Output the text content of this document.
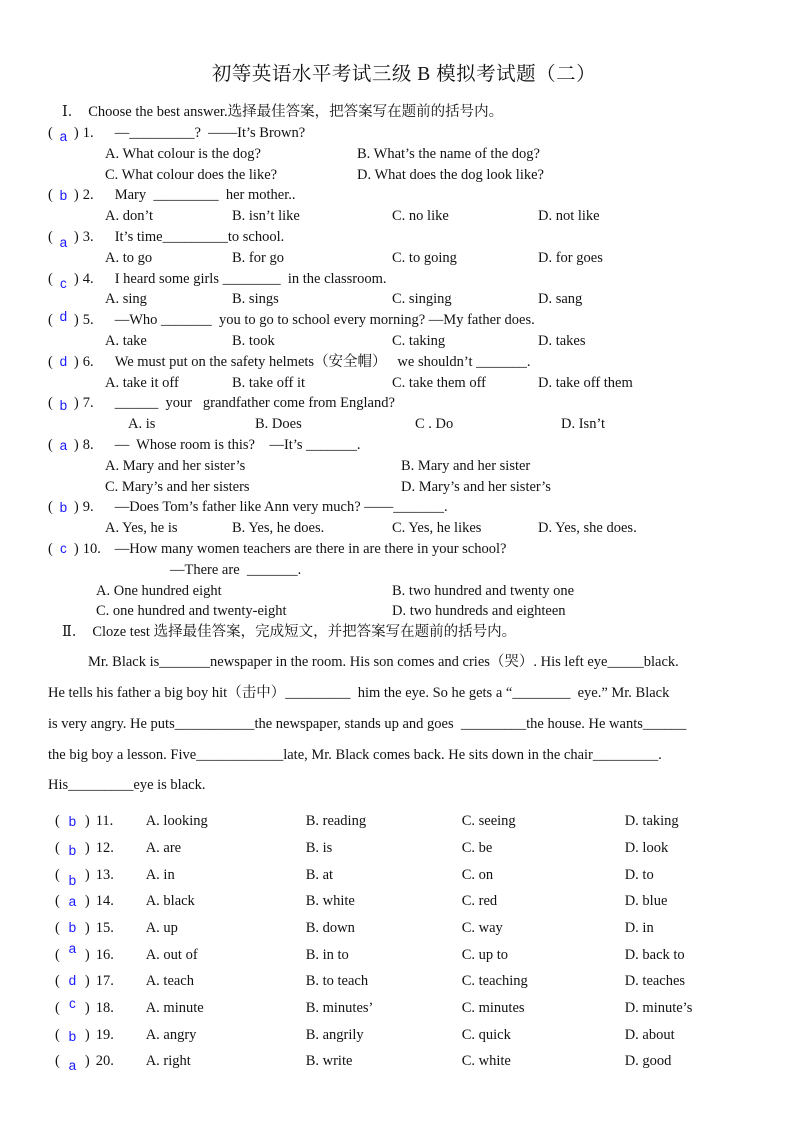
初等英语水平考试三级 B 模拟考试题（二）
Ⅰ． Choose the best answer.选择最佳答案，把答案写在题前的括号内。
( a ) 1. —_________?  ——It’s Brown?
A. What colour is the dog?	B. What’s the name of the dog?
C. What colour does the like?	D. What does the dog look like?
( b ) 2. Mary  _________  her mother..
A. don’t	B. isn’t like	C. no like	D. not like
( a ) 3. It’s time_________to school.
A. to go	B. for go	C. to going	D. for goes
( c ) 4. I heard some girls ________  in the classroom.
A. sing	B. sings	C. singing	D. sang
( d ) 5. —Who _______  you to go to school every morning? —My father does.
A. take	B. took	C. taking	D. takes
( d ) 6. We must put on the safety helmets（安全帽）   we shouldn’t _______.
A. take it off	B. take off it	C. take them off	D. take off them
( b ) 7. ______  your   grandfather come from England?
A. is	B. Does	C . Do	D. Isn’t
( a ) 8. —  Whose room is this?    —It’s _______.
A. Mary and her sister’s	B. Mary and her sister
C. Mary’s and her sisters	D. Mary’s and her sister’s
( b ) 9. —Does Tom’s father like Ann very much? ——_______.
A. Yes, he is	B. Yes, he does.	C. Yes, he likes	D. Yes, she does.
( c ) 10. —How many women teachers are there in are there in your school?
—There are  _______.
A. One hundred eight	B. two hundred and twenty one
C. one hundred and twenty-eight	D. two hundreds and eighteen
Ⅱ． Cloze test 选择最佳答案，完成短文，并把答案写在题前的括号内。
Mr. Black is_______newspaper in the room. His son comes and cries（哭）. His left eye_____black.
He tells his father a big boy hit（击中）_________  him the eye. So he gets a “________  eye.” Mr. Black
is very angry. He puts___________the newspaper, stands up and goes  _________the house. He wants______
the big boy a lesson. Five____________late, Mr. Black comes back. He sits down in the chair_________.
His_________eye is black.
( b ) 11. A. looking	B. reading	C. seeing	D. taking
( b ) 12. A. are	B. is	C. be	D. look
( b ) 13. A. in	B. at	C. on	D. to
( a ) 14. A. black	B. white	C. red	D. blue
( b ) 15. A. up	B. down	C. way	D. in
( a ) 16. A. out of	B. in to	C. up to	D. back to
( d ) 17. A. teach	B. to teach	C. teaching	D. teaches
( c ) 18. A. minute	B. minutes’	C. minutes	D. minute’s
( b ) 19. A. angry	B. angrily	C. quick	D. about
( a ) 20. A. right	B. write	C. white	D. good
